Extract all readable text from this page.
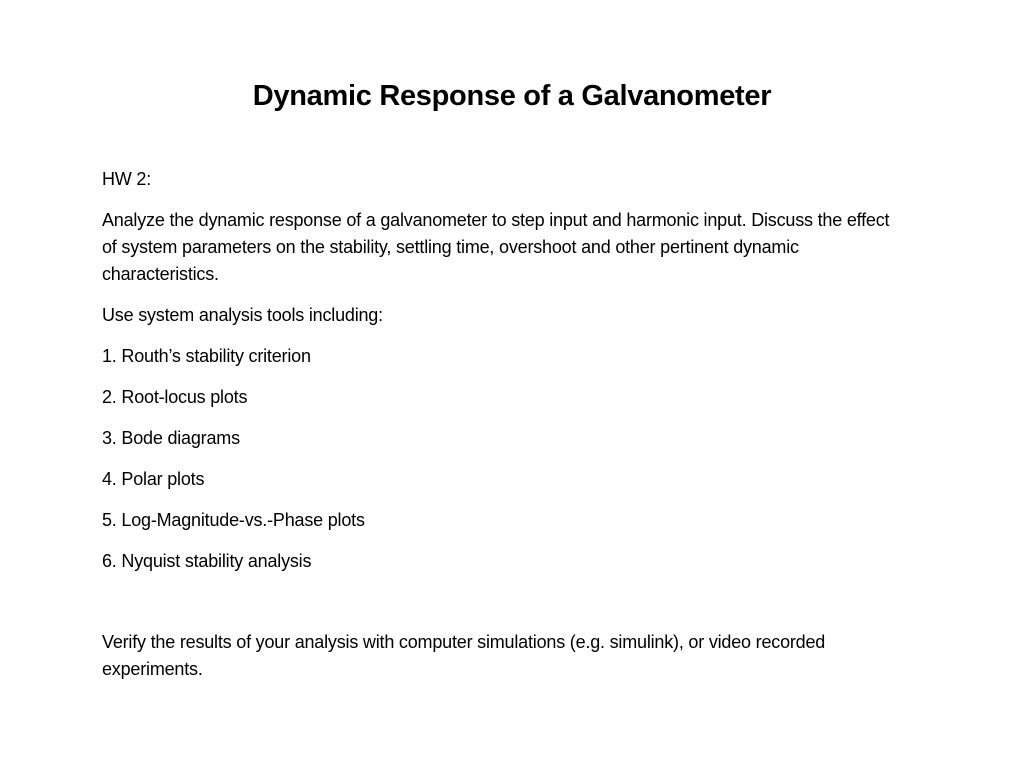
Dynamic Response of a Galvanometer

HW 2:

Analyze the dynamic response of a galvanometer to step input and harmonic input. Discuss the effect of system parameters on the stability, settling time, overshoot and other pertinent dynamic characteristics.

Use system analysis tools including:

1. Routh’s stability criterion
2. Root-locus plots
3. Bode diagrams
4. Polar plots
5. Log-Magnitude-vs.-Phase plots
6. Nyquist stability analysis

Verify the results of your analysis with computer simulations (e.g. simulink), or video recorded experiments.
